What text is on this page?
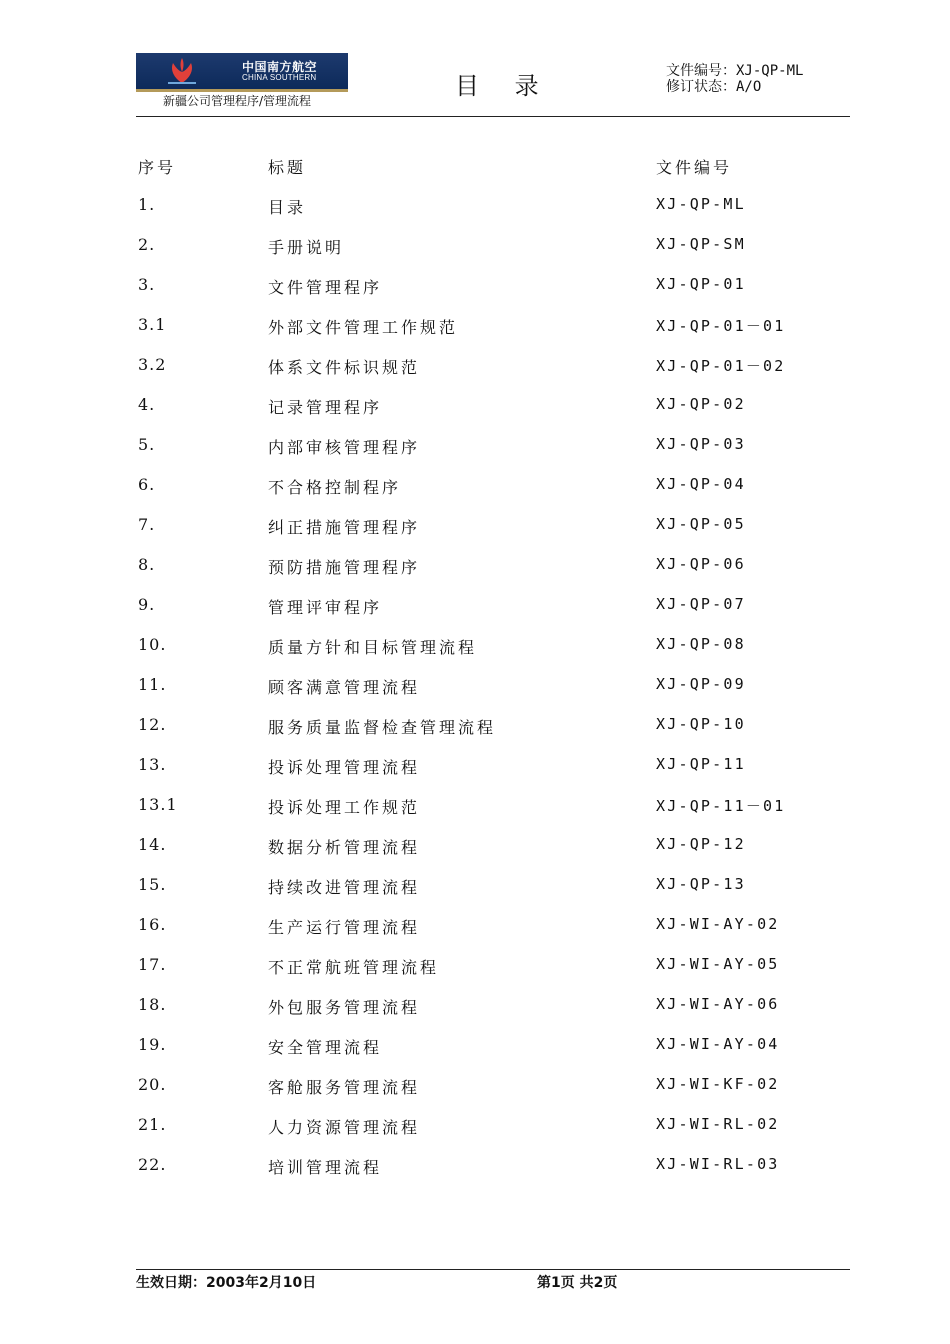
中国南方航空
CHINA SOUTHERN
新疆公司管理程序/管理流程
目 录
文件编号：XJ-QP-ML
修订状态：A/O
序号	标题	文件编号
1.	目录	XJ-QP-ML
2.	手册说明	XJ-QP-SM
3.	文件管理程序	XJ-QP-01
3.1	外部文件管理工作规范	XJ-QP-01－01
3.2	体系文件标识规范	XJ-QP-01－02
4.	记录管理程序	XJ-QP-02
5.	内部审核管理程序	XJ-QP-03
6.	不合格控制程序	XJ-QP-04
7.	纠正措施管理程序	XJ-QP-05
8.	预防措施管理程序	XJ-QP-06
9.	管理评审程序	XJ-QP-07
10.	质量方针和目标管理流程	XJ-QP-08
11.	顾客满意管理流程	XJ-QP-09
12.	服务质量监督检查管理流程	XJ-QP-10
13.	投诉处理管理流程	XJ-QP-11
13.1	投诉处理工作规范	XJ-QP-11－01
14.	数据分析管理流程	XJ-QP-12
15.	持续改进管理流程	XJ-QP-13
16.	生产运行管理流程	XJ-WI-AY-02
17.	不正常航班管理流程	XJ-WI-AY-05
18.	外包服务管理流程	XJ-WI-AY-06
19.	安全管理流程	XJ-WI-AY-04
20.	客舱服务管理流程	XJ-WI-KF-02
21.	人力资源管理流程	XJ-WI-RL-02
22.	培训管理流程	XJ-WI-RL-03
生效日期：2003年2月10日	第1页 共2页
